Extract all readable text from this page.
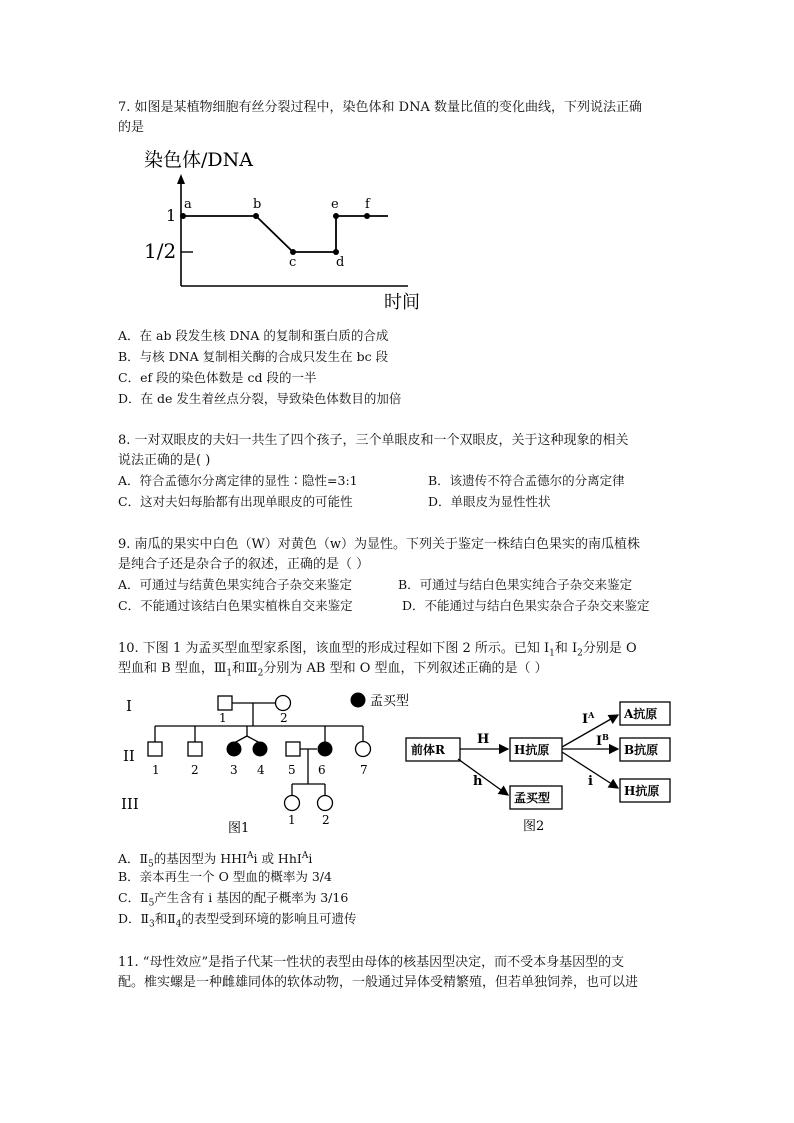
7. 如图是某植物细胞有丝分裂过程中，染色体和 DNA 数量比值的变化曲线，下列说法正确
的是
染色体/DNA
时间
1
1/2
a	b
c	d
e f
A．在 ab 段发生核 DNA 的复制和蛋白质的合成
B．与核 DNA 复制相关酶的合成只发生在 bc 段
C．ef 段的染色体数是 cd 段的一半
D．在 de 发生着丝点分裂，导致染色体数目的加倍
8. 一对双眼皮的夫妇一共生了四个孩子，三个单眼皮和一个双眼皮，关于这种现象的相关
说法正确的是( )
A．符合孟德尔分离定律的显性∶隐性=3:1	B．该遗传不符合孟德尔的分离定律
C．这对夫妇每胎都有出现单眼皮的可能性	D．单眼皮为显性性状
9. 南瓜的果实中白色（W）对黄色（w）为显性。下列关于鉴定一株结白色果实的南瓜植株
是纯合子还是杂合子的叙述，正确的是（ ）
A．可通过与结黄色果实纯合子杂交来鉴定	B．可通过与结白色果实纯合子杂交来鉴定
C．不能通过该结白色果实植株自交来鉴定	D．不能通过与结白色果实杂合子杂交来鉴定
10. 下图 1 为孟买型血型家系图，该血型的形成过程如下图 2 所示。已知 $I_1$和 $I_2$分别是 O
型血和 B 型血，$Ⅲ_1$和$Ⅲ_2$分别为 AB 型和 O 型血，下列叙述正确的是（ ）
I
II
III
1	2
1	2	3 4 5 6	7
1 2
图1
孟买型
前体R	H抗原
A抗原
B抗原
H抗原
孟买型
H
h
$I^A$
$I^B$
i
图2
A．$Ⅱ_5$的基因型为 $HHI^Ai$ 或 HhI$^A$i
B．亲本再生一个 O 型血的概率为 3/4
C．$Ⅱ_5$产生含有 i 基因的配子概率为 3/16
D．$Ⅱ_3$和$Ⅱ_4$的表型受到环境的影响且可遗传
11. “母性效应”是指子代某一性状的表型由母体的核基因型决定，而不受本身基因型的支
配。椎实螺是一种雌雄同体的软体动物，一般通过异体受精繁殖，但若单独饲养，也可以进
